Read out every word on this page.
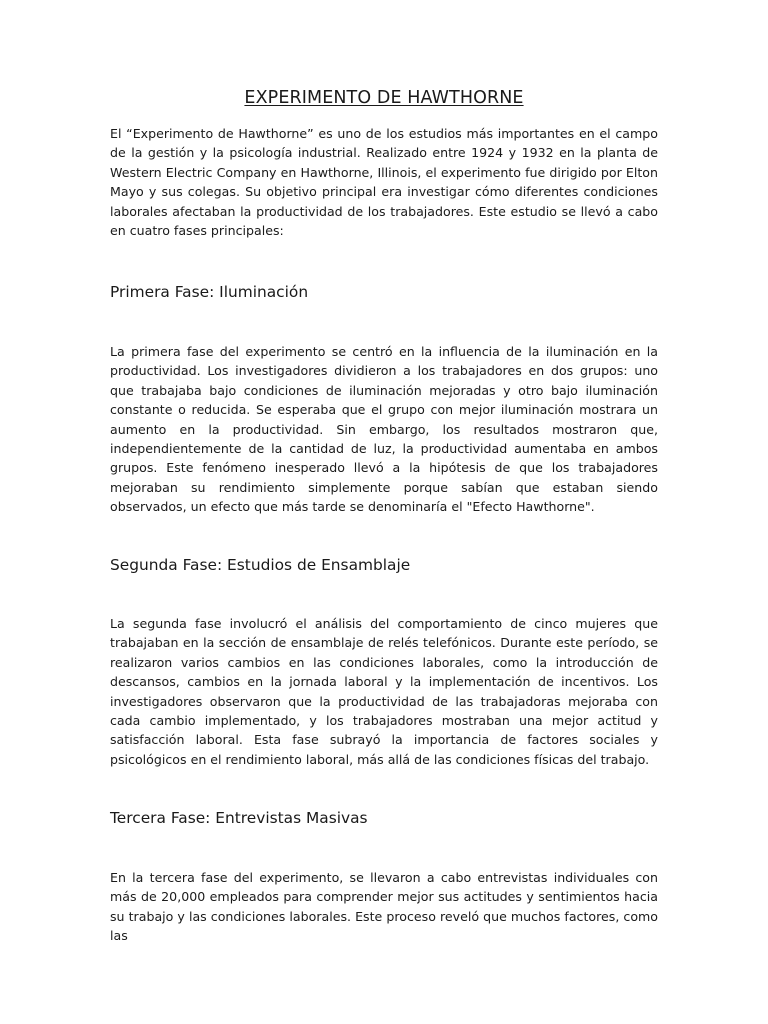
EXPERIMENTO DE HAWTHORNE

El “Experimento de Hawthorne” es uno de los estudios más importantes en el campo de la gestión y la psicología industrial. Realizado entre 1924 y 1932 en la planta de Western Electric Company en Hawthorne, Illinois, el experimento fue dirigido por Elton Mayo y sus colegas. Su objetivo principal era investigar cómo diferentes condiciones laborales afectaban la productividad de los trabajadores. Este estudio se llevó a cabo en cuatro fases principales:

Primera Fase: Iluminación

La primera fase del experimento se centró en la influencia de la iluminación en la productividad. Los investigadores dividieron a los trabajadores en dos grupos: uno que trabajaba bajo condiciones de iluminación mejoradas y otro bajo iluminación constante o reducida. Se esperaba que el grupo con mejor iluminación mostrara un aumento en la productividad. Sin embargo, los resultados mostraron que, independientemente de la cantidad de luz, la productividad aumentaba en ambos grupos. Este fenómeno inesperado llevó a la hipótesis de que los trabajadores mejoraban su rendimiento simplemente porque sabían que estaban siendo observados, un efecto que más tarde se denominaría el "Efecto Hawthorne".

Segunda Fase: Estudios de Ensamblaje

La segunda fase involucró el análisis del comportamiento de cinco mujeres que trabajaban en la sección de ensamblaje de relés telefónicos. Durante este período, se realizaron varios cambios en las condiciones laborales, como la introducción de descansos, cambios en la jornada laboral y la implementación de incentivos. Los investigadores observaron que la productividad de las trabajadoras mejoraba con cada cambio implementado, y los trabajadores mostraban una mejor actitud y satisfacción laboral. Esta fase subrayó la importancia de factores sociales y psicológicos en el rendimiento laboral, más allá de las condiciones físicas del trabajo.

Tercera Fase: Entrevistas Masivas

En la tercera fase del experimento, se llevaron a cabo entrevistas individuales con más de 20,000 empleados para comprender mejor sus actitudes y sentimientos hacia su trabajo y las condiciones laborales. Este proceso reveló que muchos factores, como las
